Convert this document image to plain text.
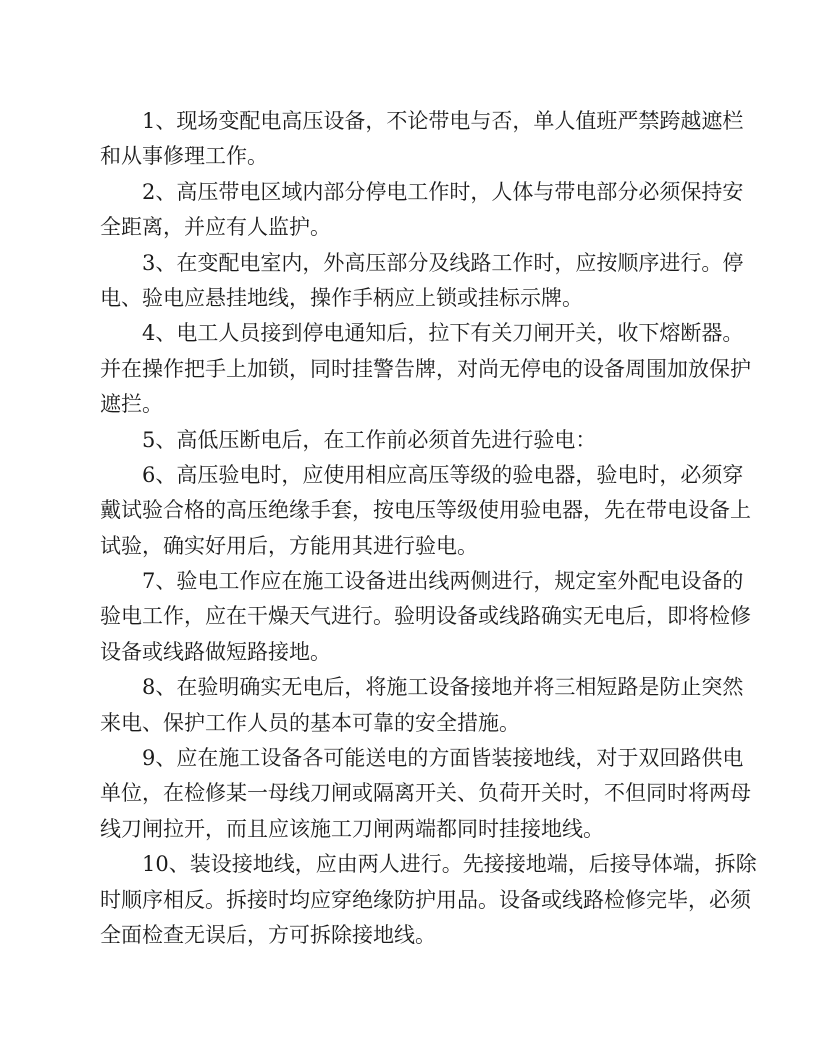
1、现场变配电高压设备，不论带电与否，单人值班严禁跨越遮栏
和从事修理工作。
2、高压带电区域内部分停电工作时，人体与带电部分必须保持安
全距离，并应有人监护。
3、在变配电室内，外高压部分及线路工作时，应按顺序进行。停
电、验电应悬挂地线，操作手柄应上锁或挂标示牌。
4、电工人员接到停电通知后，拉下有关刀闸开关，收下熔断器。
并在操作把手上加锁，同时挂警告牌，对尚无停电的设备周围加放保护
遮拦。
5、高低压断电后，在工作前必须首先进行验电：
6、高压验电时，应使用相应高压等级的验电器，验电时，必须穿
戴试验合格的高压绝缘手套，按电压等级使用验电器，先在带电设备上
试验，确实好用后，方能用其进行验电。
7、验电工作应在施工设备进出线两侧进行，规定室外配电设备的
验电工作，应在干燥天气进行。验明设备或线路确实无电后，即将检修
设备或线路做短路接地。
8、在验明确实无电后，将施工设备接地并将三相短路是防止突然
来电、保护工作人员的基本可靠的安全措施。
9、应在施工设备各可能送电的方面皆装接地线，对于双回路供电
单位，在检修某一母线刀闸或隔离开关、负荷开关时，不但同时将两母
线刀闸拉开，而且应该施工刀闸两端都同时挂接地线。
10、装设接地线，应由两人进行。先接接地端，后接导体端，拆除
时顺序相反。拆接时均应穿绝缘防护用品。设备或线路检修完毕，必须
全面检查无误后，方可拆除接地线。
